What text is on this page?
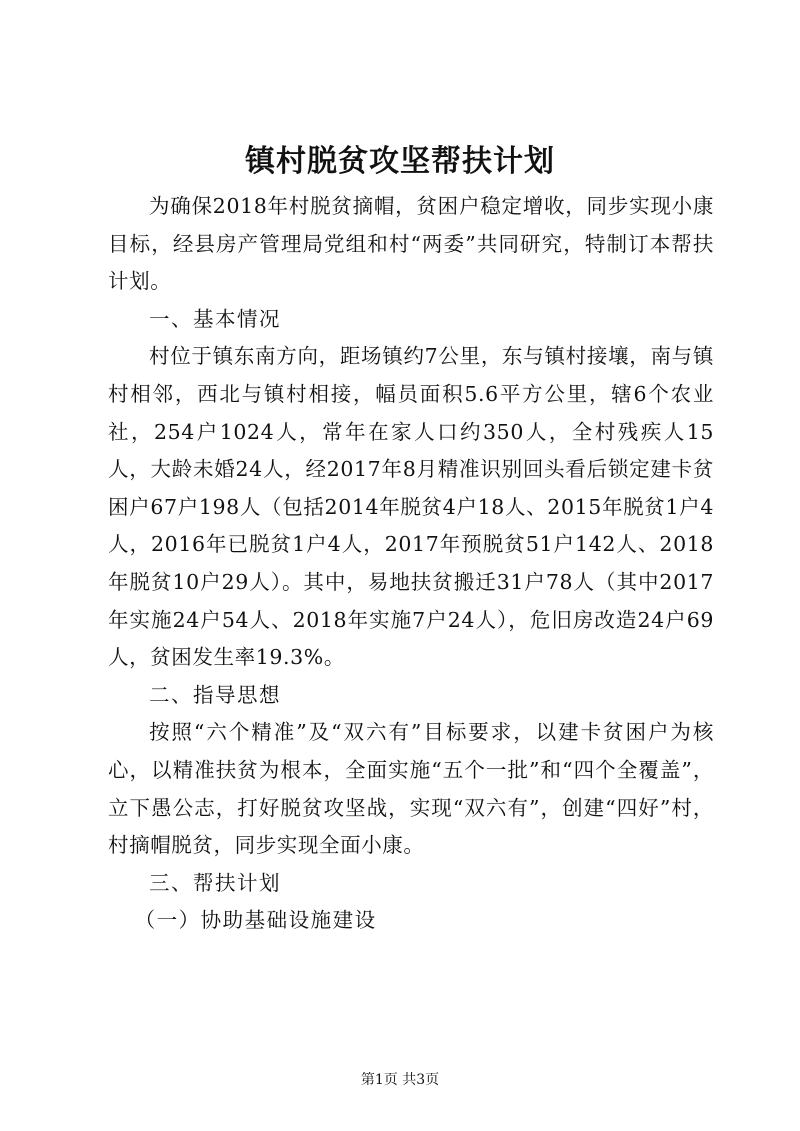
镇村脱贫攻坚帮扶计划

为确保2018年村脱贫摘帽，贫困户稳定增收，同步实现小康目标，经县房产管理局党组和村“两委”共同研究，特制订本帮扶计划。

一、基本情况

村位于镇东南方向，距场镇约7公里，东与镇村接壤，南与镇村相邻，西北与镇村相接，幅员面积5.6平方公里，辖6个农业社，254户1024人，常年在家人口约350人，全村残疾人15人，大龄未婚24人，经2017年8月精准识别回头看后锁定建卡贫困户67户198人（包括2014年脱贫4户18人、2015年脱贫1户4人，2016年已脱贫1户4人，2017年预脱贫51户142人、2018年脱贫10户29人）。其中，易地扶贫搬迁31户78人（其中2017年实施24户54人、2018年实施7户24人），危旧房改造24户69人，贫困发生率19.3%。

二、指导思想

按照“六个精准”及“双六有”目标要求，以建卡贫困户为核心，以精准扶贫为根本，全面实施“五个一批”和“四个全覆盖”，立下愚公志，打好脱贫攻坚战，实现“双六有”，创建“四好”村，村摘帽脱贫，同步实现全面小康。

三、帮扶计划

（一）协助基础设施建设

第1页 共3页
